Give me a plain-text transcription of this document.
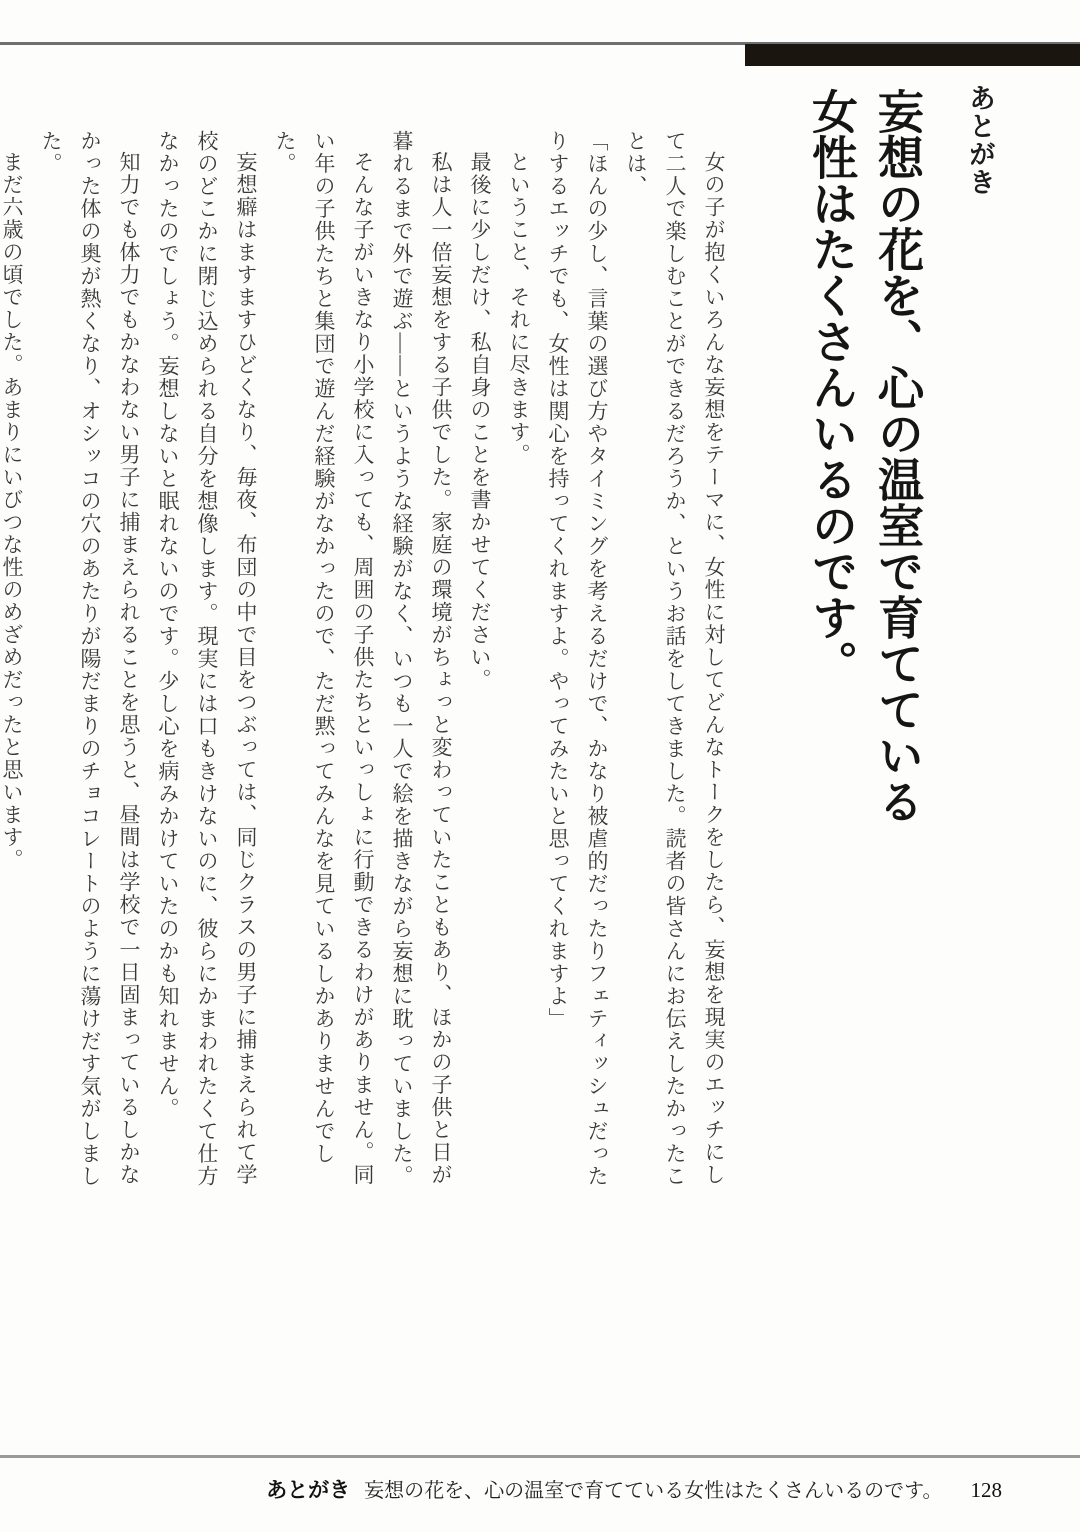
あとがき
妄想の花を、心の温室で育てている
女性はたくさんいるのです。

女の子が抱くいろんな妄想をテーマに、女性に対してどんなトークをしたら、妄想を現実のエッチにして二人で楽しむことができるだろうか、というお話をしてきました。読者の皆さんにお伝えしたかったことは、

「ほんの少し、言葉の選び方やタイミングを考えるだけで、かなり被虐的だったりフェティッシュだったりするエッチでも、女性は関心を持ってくれますよ。やってみたいと思ってくれますよ」

ということ、それに尽きます。

最後に少しだけ、私自身のことを書かせてください。

私は人一倍妄想をする子供でした。家庭の環境がちょっと変わっていたこともあり、ほかの子供と日が暮れるまで外で遊ぶ――というような経験がなく、いつも一人で絵を描きながら妄想に耽っていました。

そんな子がいきなり小学校に入っても、周囲の子供たちといっしょに行動できるわけがありません。同い年の子供たちと集団で遊んだ経験がなかったので、ただ黙ってみんなを見ているしかありませんでした。

妄想癖はますますひどくなり、毎夜、布団の中で目をつぶっては、同じクラスの男子に捕まえられて学校のどこかに閉じ込められる自分を想像します。現実には口もきけないのに、彼らにかまわれたくて仕方なかったのでしょう。妄想しないと眠れないのです。少し心を病みかけていたのかも知れません。

知力でも体力でもかなわない男子に捕まえられることを思うと、昼間は学校で一日固まっているしかなかった体の奥が熱くなり、オシッコの穴のあたりが陽だまりのチョコレートのように蕩けだす気がしました。

まだ六歳の頃でした。あまりにいびつな性のめざめだったと思います。

あとがき 妄想の花を、心の温室で育てている女性はたくさんいるのです。 128
